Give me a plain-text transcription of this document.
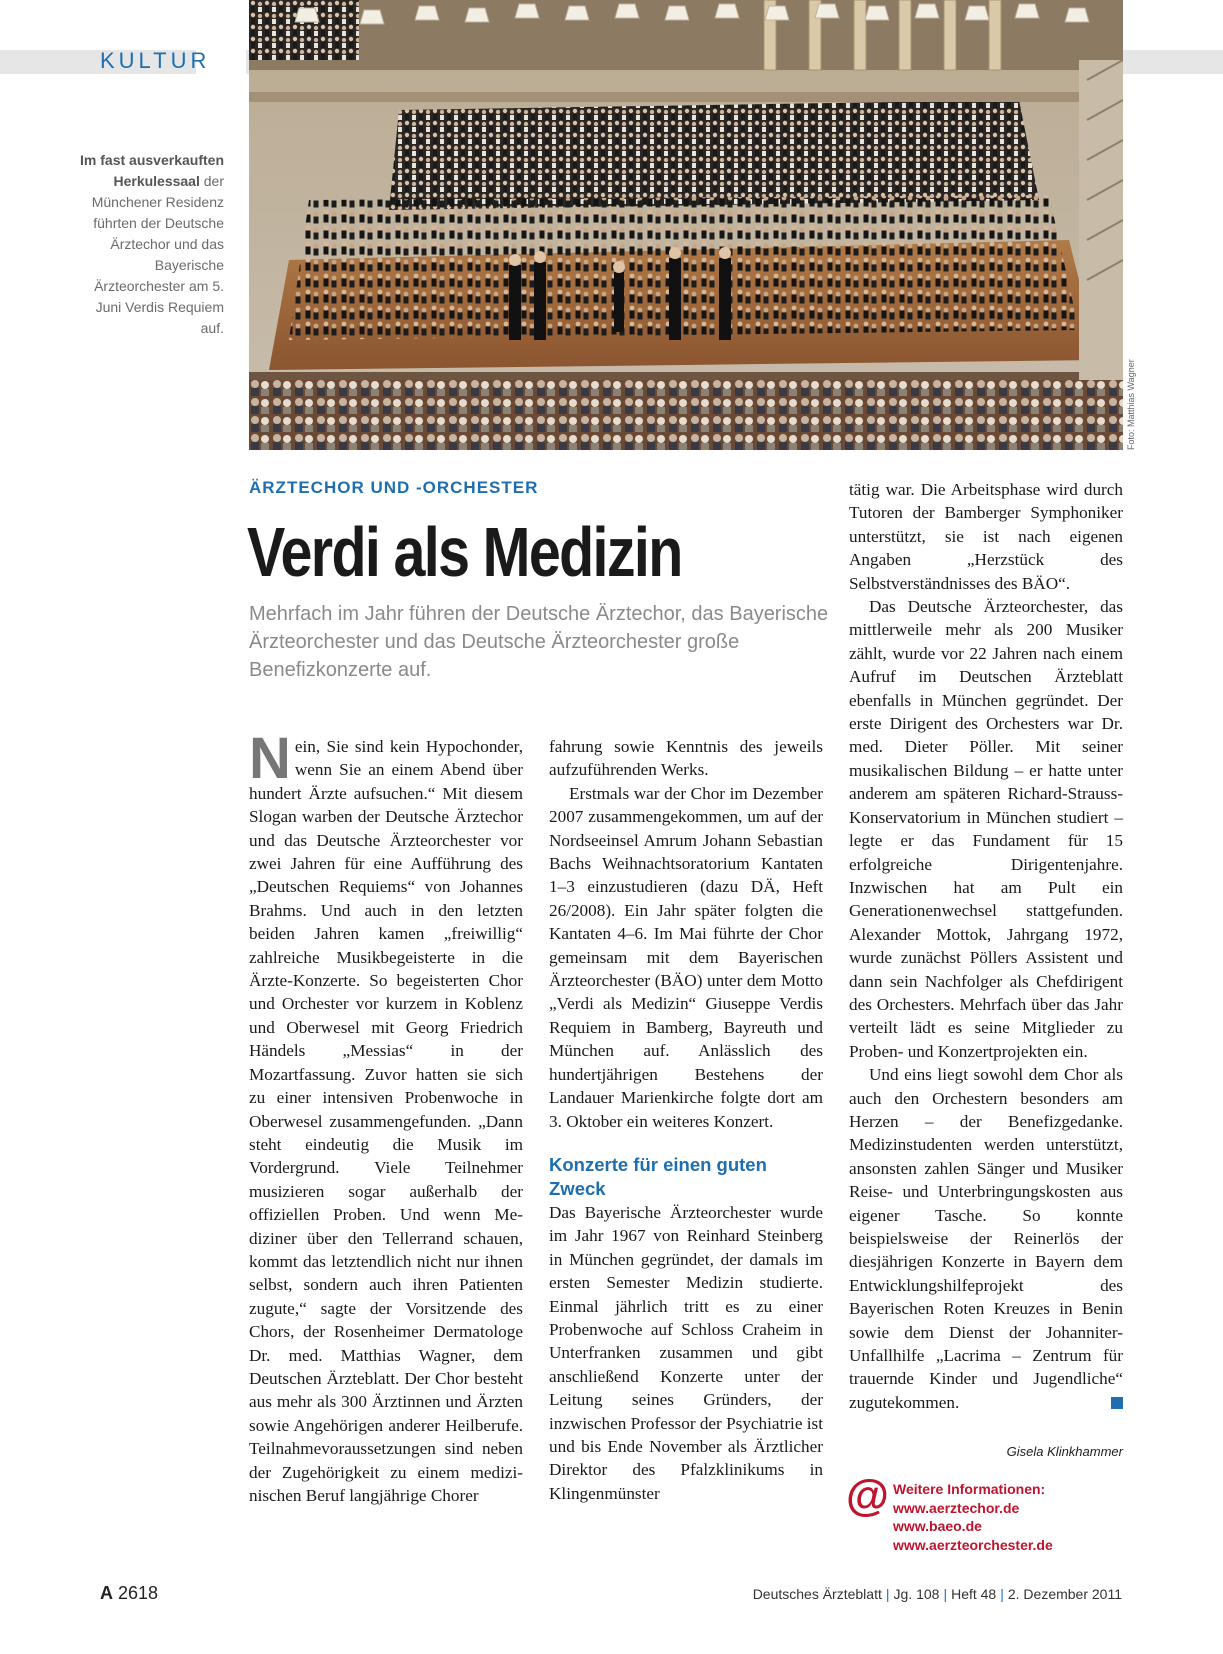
KULTUR
Im fast ausverkauften Herkulessaal der Münchener Residenz führten der Deutsche Ärztechor und das Bayerische Ärzteorchester am 5. Juni Verdis Requiem auf.
Foto: Matthias Wagner
ÄRZTECHOR UND -ORCHESTER
Verdi als Medizin
Mehrfach im Jahr führen der Deutsche Ärztechor, das Bayerische Ärzteorchester und das Deutsche Ärzteorchester große Benefizkonzerte auf.

Nein, Sie sind kein Hypochonder, wenn Sie an einem Abend über hundert Ärzte aufsuchen.“ Mit diesem Slogan warben der Deutsche Ärztechor und das Deutsche Ärzteorchester vor zwei Jahren für eine Aufführung des „Deutschen Requiems“ von Johannes Brahms. Und auch in den letzten beiden Jahren kamen „freiwillig“ zahlreiche Musikbegeisterte in die Ärzte-Konzerte. So begeisterten Chor und Orchester vor kurzem in Koblenz und Oberwesel mit Georg Friedrich Händels „Messias“ in der Mozartfassung. Zuvor hatten sie sich zu einer intensiven Probenwoche in Oberwesel zusammengefunden. „Dann steht eindeutig die Musik im Vordergrund. Viele Teilnehmer musizieren sogar außerhalb der offiziellen Proben. Und wenn Mediziner über den Tellerrand schauen, kommt das letztendlich nicht nur ihnen selbst, sondern auch ihren Patienten zugute,“ sagte der Vorsitzende des Chors, der Rosenheimer Dermatologe Dr. med. Matthias Wagner, dem Deutschen Ärzteblatt. Der Chor besteht aus mehr als 300 Ärztinnen und Ärzten sowie Angehörigen anderer Heilberufe. Teilnahmevoraussetzungen sind neben der Zugehörigkeit zu einem medizinischen Beruf langjährige Chorer

fahrung sowie Kenntnis des jeweils aufzuführenden Werks.

Erstmals war der Chor im Dezember 2007 zusammengekommen, um auf der Nordseeinsel Amrum Johann Sebastian Bachs Weihnachtsoratorium Kantaten 1–3 einzustudieren (dazu DÄ, Heft 26/2008). Ein Jahr später folgten die Kantaten 4–6. Im Mai führte der Chor gemeinsam mit dem Bayerischen Ärzteorchester (BÄO) unter dem Motto „Verdi als Medizin“ Giuseppe Verdis Requiem in Bamberg, Bayreuth und München auf. Anlässlich des hundertjährigen Bestehens der Landauer Marienkirche folgte dort am 3. Oktober ein weiteres Konzert.

Konzerte für einen guten Zweck

Das Bayerische Ärzteorchester wurde im Jahr 1967 von Reinhard Steinberg in München gegründet, der damals im ersten Semester Medizin studierte. Einmal jährlich tritt es zu einer Probenwoche auf Schloss Craheim in Unterfranken zusammen und gibt anschließend Konzerte unter der Leitung seines Gründers, der inzwischen Professor der Psychiatrie ist und bis Ende November als Ärztlicher Direktor des Pfalzklinikums in Klingenmünster

tätig war. Die Arbeitsphase wird durch Tutoren der Bamberger Symphoniker unterstützt, sie ist nach eigenen Angaben „Herzstück des Selbstverständnisses des BÄO“.

Das Deutsche Ärzteorchester, das mittlerweile mehr als 200 Musiker zählt, wurde vor 22 Jahren nach einem Aufruf im Deutschen Ärzteblatt ebenfalls in München gegründet. Der erste Dirigent des Orchesters war Dr. med. Dieter Pöller. Mit seiner musikalischen Bildung – er hatte unter anderem am späteren Richard-Strauss-Konservatorium in München studiert – legte er das Fundament für 15 erfolgreiche Dirigentenjahre. Inzwischen hat am Pult ein Generationenwechsel stattgefunden. Alexander Mottok, Jahrgang 1972, wurde zunächst Pöllers Assistent und dann sein Nachfolger als Chefdirigent des Orchesters. Mehrfach über das Jahr verteilt lädt es seine Mitglieder zu Proben- und Konzertprojekten ein.

Und eins liegt sowohl dem Chor als auch den Orchestern besonders am Herzen – der Benefizgedanke. Medizinstudenten werden unterstützt, ansonsten zahlen Sänger und Musiker Reise- und Unterbringungskosten aus eigener Tasche. So konnte beispielsweise der Reinerlös der diesjährigen Konzerte in Bayern dem Entwicklungshilfeprojekt des Bayerischen Roten Kreuzes in Benin sowie dem Dienst der Johanniter-Unfallhilfe „Lacrima – Zentrum für trauernde Kinder und Jugendliche“ zugutekommen.

Gisela Klinkhammer
@ Weitere Informationen:
www.aerztechor.de
www.baeo.de
www.aerzteorchester.de
A 2618	Deutsches Ärzteblatt | Jg. 108 | Heft 48 | 2. Dezember 2011
